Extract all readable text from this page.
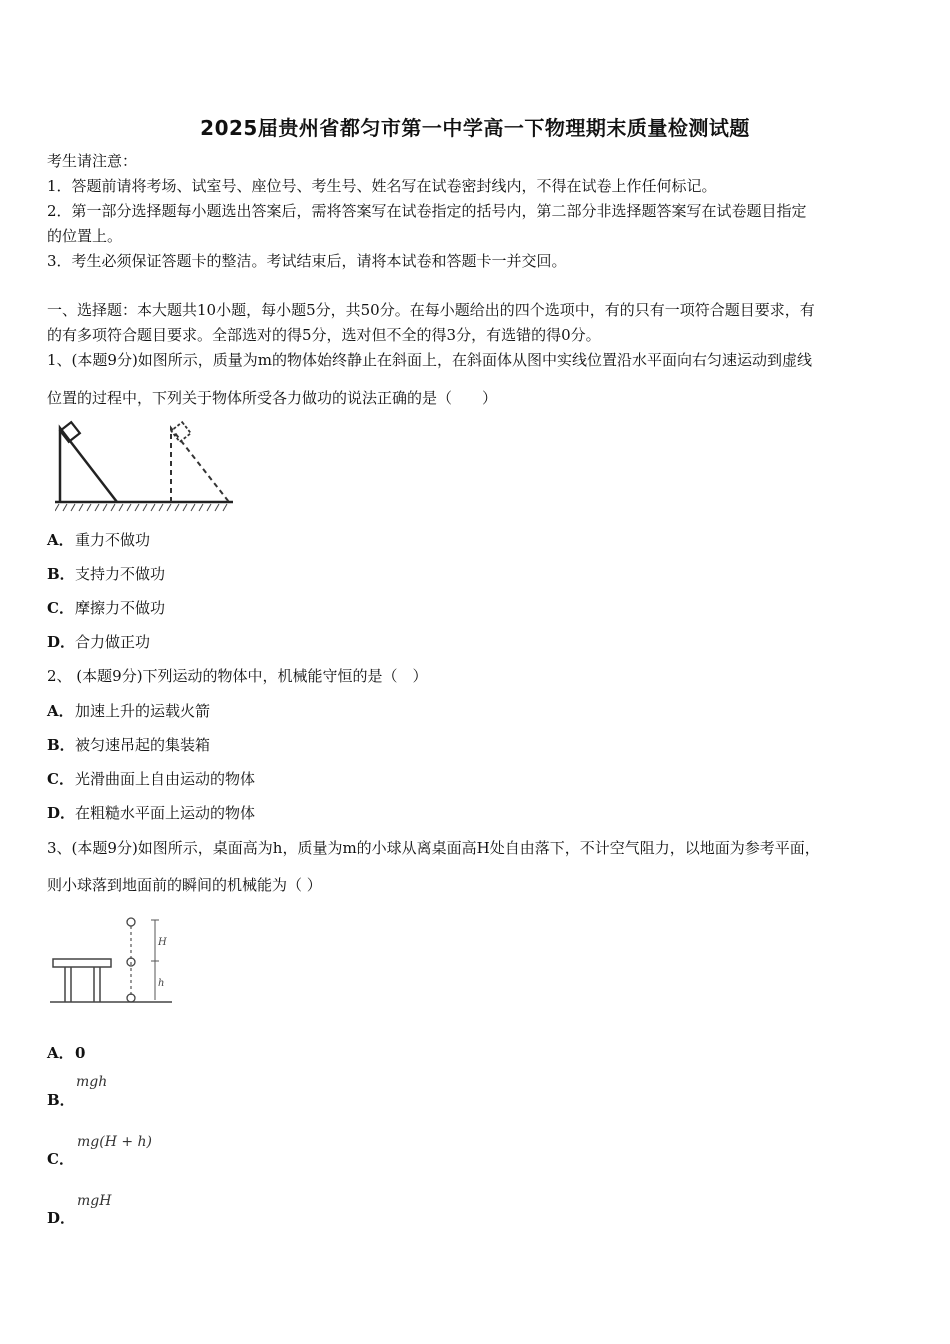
2025届贵州省都匀市第一中学高一下物理期末质量检测试题
考生请注意：
1．答题前请将考场、试室号、座位号、考生号、姓名写在试卷密封线内，不得在试卷上作任何标记。
2．第一部分选择题每小题选出答案后，需将答案写在试卷指定的括号内，第二部分非选择题答案写在试卷题目指定
的位置上。
3．考生必须保证答题卡的整洁。考试结束后，请将本试卷和答题卡一并交回。
一、选择题：本大题共10小题，每小题5分，共50分。在每小题给出的四个选项中，有的只有一项符合题目要求，有
的有多项符合题目要求。全部选对的得5分，选对但不全的得3分，有选错的得0分。
1、(本题9分)如图所示，质量为m的物体始终静止在斜面上，在斜面体从图中实线位置沿水平面向右匀速运动到虚线
位置的过程中，下列关于物体所受各力做功的说法正确的是（　　）
A．重力不做功
B．支持力不做功
C．摩擦力不做功
D．合力做正功
2、 (本题9分)下列运动的物体中，机械能守恒的是（　）
A．加速上升的运载火箭
B．被匀速吊起的集装箱
C．光滑曲面上自由运动的物体
D．在粗糙水平面上运动的物体
3、(本题9分)如图所示，桌面高为h，质量为m的小球从离桌面高H处自由落下，不计空气阻力，以地面为参考平面，
则小球落到地面前的瞬间的机械能为（ ）
H
h
A．0
B．
mgh
C．
mg(H + h)
D．
mgH
